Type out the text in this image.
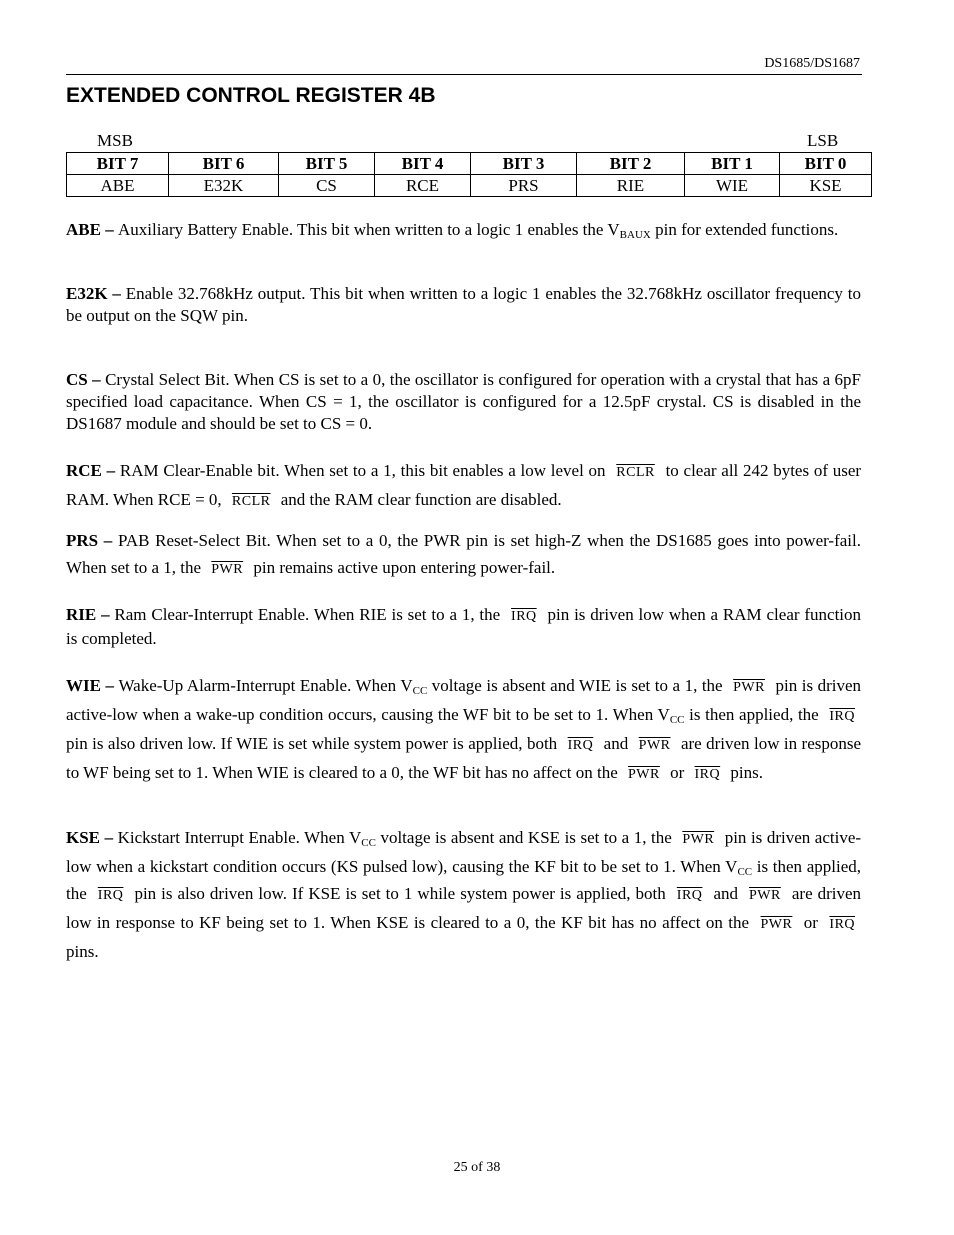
DS1685/DS1687
EXTENDED CONTROL REGISTER 4B
MSB	LSB
BIT 7	BIT 6	BIT 5	BIT 4	BIT 3	BIT 2	BIT 1	BIT 0
ABE	E32K	CS	RCE	PRS	RIE	WIE	KSE

ABE – Auxiliary Battery Enable. This bit when written to a logic 1 enables the $V_{BAUX}$ pin for extended functions.

E32K – Enable 32.768kHz output. This bit when written to a logic 1 enables the 32.768kHz oscillator frequency to be output on the SQW pin.

CS – Crystal Select Bit. When CS is set to a 0, the oscillator is configured for operation with a crystal that has a 6pF specified load capacitance. When CS = 1, the oscillator is configured for a 12.5pF crystal. CS is disabled in the DS1687 module and should be set to CS = 0.

RCE – RAM Clear-Enable bit. When set to a 1, this bit enables a low level on RCLR to clear all 242 bytes of user RAM. When RCE = 0, RCLR and the RAM clear function are disabled.

PRS – PAB Reset-Select Bit. When set to a 0, the PWR pin is set high-Z when the DS1685 goes into power-fail. When set to a 1, the $\overline{PWR}$ pin remains active upon entering power-fail.

RIE – Ram Clear-Interrupt Enable. When RIE is set to a 1, the $\overline{IRQ}$ pin is driven low when a RAM clear function is completed.

WIE – Wake-Up Alarm-Interrupt Enable. When $V_{CC}$ voltage is absent and WIE is set to a 1, the $\overline{PWR}$ pin is driven active-low when a wake-up condition occurs, causing the WF bit to be set to 1. When $V_{CC}$ is then applied, the $\overline{IRQ}$ pin is also driven low. If WIE is set while system power is applied, both $\overline{IRQ}$ and $\overline{PWR}$ are driven low in response to WF being set to 1. When WIE is cleared to a 0, the WF bit has no affect on the $\overline{PWR}$ or $\overline{IRQ}$ pins.

KSE – Kickstart Interrupt Enable. When $V_{CC}$ voltage is absent and KSE is set to a 1, the $\overline{PWR}$ pin is driven active-low when a kickstart condition occurs (KS pulsed low), causing the KF bit to be set to 1. When $V_{CC}$ is then applied, the $\overline{IRQ}$ pin is also driven low. If KSE is set to 1 while system power is applied, both $\overline{IRQ}$ and $\overline{PWR}$ are driven low in response to KF being set to 1. When KSE is cleared to a 0, the KF bit has no affect on the $\overline{PWR}$ or $\overline{IRQ}$ pins.

25 of 38
